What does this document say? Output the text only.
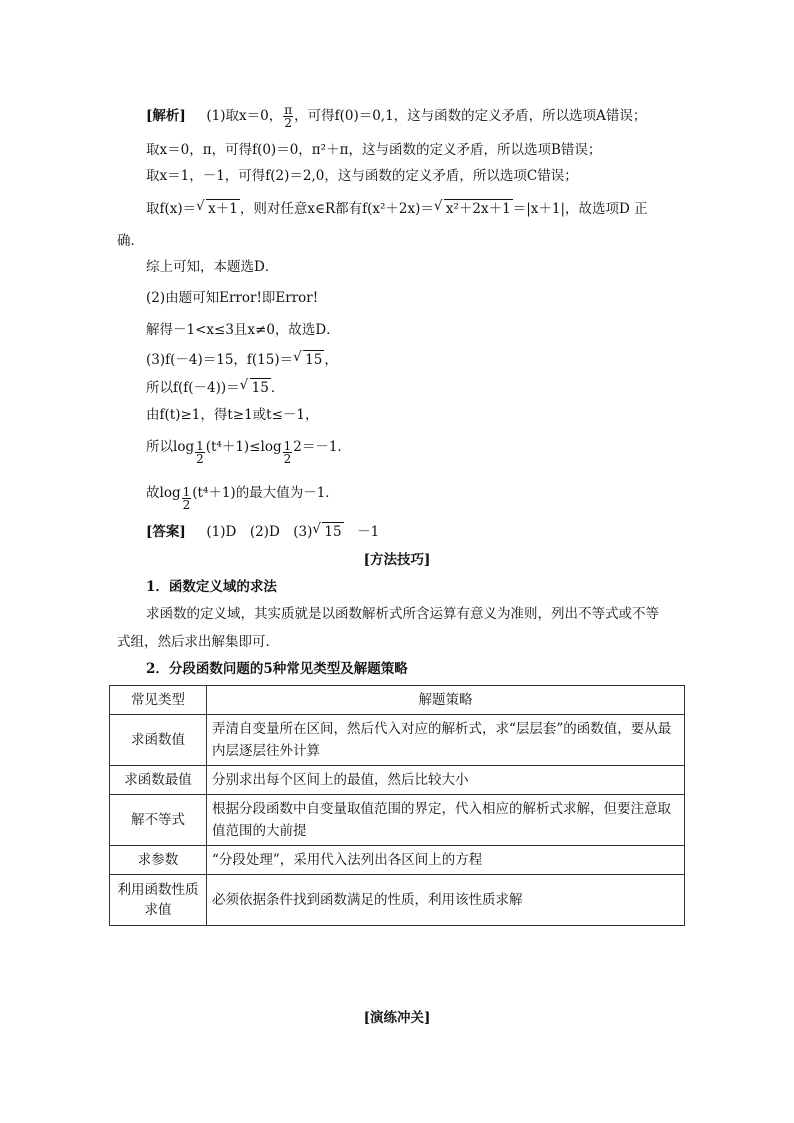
[解析] (1)取x＝0， $\frac{\pi}{2}$ ，可得f(0)＝0,1，这与函数的定义矛盾，所以选项A错误；
取x＝0，π，可得f(0)＝0，π²＋π，这与函数的定义矛盾，所以选项B错误；
取x＝1，－1，可得f(2)＝2,0，这与函数的定义矛盾，所以选项C错误；
取f(x)＝ √ x＋1 ，则对任意x∈R都有f(x²＋2x)＝ √ x²＋2x＋1 ＝|x＋1|，故选项D 正
确．
综上可知，本题选D．
(2)由题可知Error!即Error!
解得－1<x≤3且x≠0，故选D．
(3)f(－4)＝15，f(15)＝ √ 15 ，
所以f(f(－4))＝ √ 15 ．
由f(t)≥1，得t≥1或t≤－1，
所以$\log \frac{1}{2} (t^4+1)\le\log \frac{1}{2} 2=-1$．
故$\log \frac{1}{2} (t^4+1)$的最大值为－1．
[答案] (1)D　(2)D　(3) √ 15　－1
[方法技巧]
1．函数定义域的求法
求函数的定义域，其实质就是以函数解析式所含运算有意义为准则，列出不等式或不等
式组，然后求出解集即可．
2．分段函数问题的5种常见类型及解题策略
常见类型	解题策略
求函数值	弄清自变量所在区间，然后代入对应的解析式，求“层层套”的函数值，要从最内层逐层往外计算
求函数最值	分别求出每个区间上的最值，然后比较大小
解不等式	根据分段函数中自变量取值范围的界定，代入相应的解析式求解，但要注意取值范围的大前提
求参数	“分段处理”，采用代入法列出各区间上的方程
利用函数性质求值	必须依据条件找到函数满足的性质，利用该性质求解
[演练冲关]
